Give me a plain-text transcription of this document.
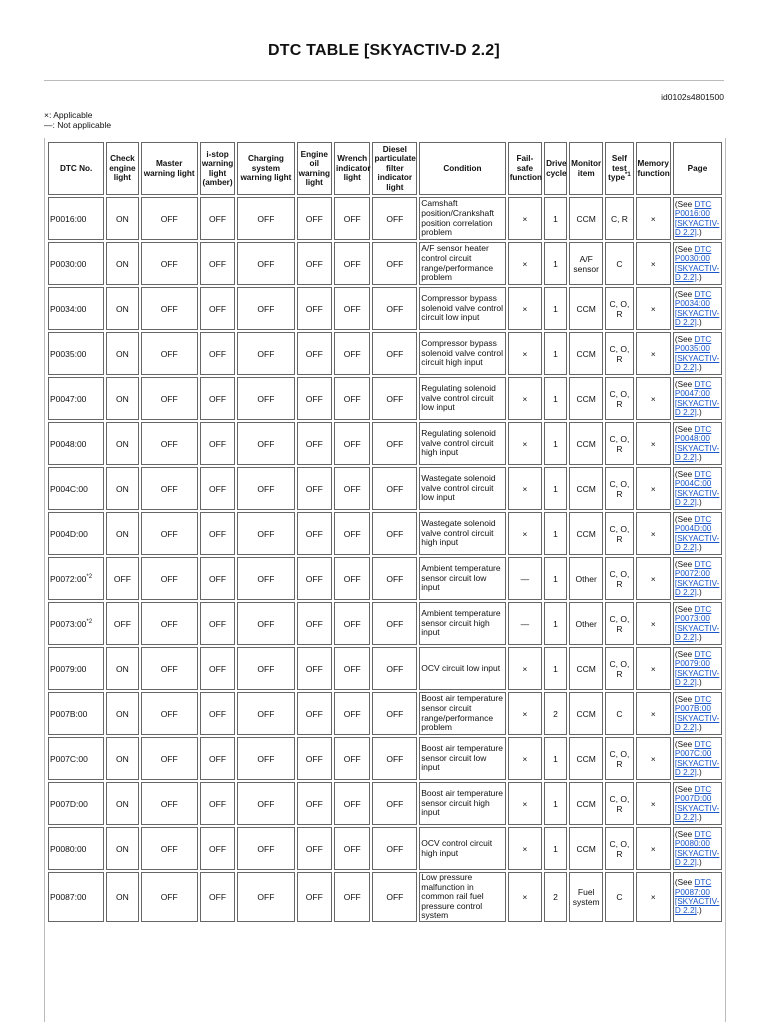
DTC TABLE [SKYACTIV-D 2.2]
id0102s4801500
×: Applicable
—: Not applicable
DTC No.	Check engine light	Master warning light	i-stop warning light (amber)	Charging system warning light	Engine oil warning light	Wrench indicator light	Diesel particulate filter indicator light	Condition	Fail-safe function	Drive cycle	Monitor item	Self test type$^{*1}$	Memory function	Page
P0016:00	ON	OFF	OFF	OFF	OFF	OFF	OFF	Camshaft position/Crankshaft position correlation problem	×	1	CCM	C, R	×	(See DTC P0016:00 [SKYACTIV-D 2.2].)
P0030:00	ON	OFF	OFF	OFF	OFF	OFF	OFF	A/F sensor heater control circuit range/performance problem	×	1	A/F sensor	C	×	(See DTC P0030:00 [SKYACTIV-D 2.2].)
P0034:00	ON	OFF	OFF	OFF	OFF	OFF	OFF	Compressor bypass solenoid valve control circuit low input	×	1	CCM	C, O, R	×	(See DTC P0034:00 [SKYACTIV-D 2.2].)
P0035:00	ON	OFF	OFF	OFF	OFF	OFF	OFF	Compressor bypass solenoid valve control circuit high input	×	1	CCM	C, O, R	×	(See DTC P0035:00 [SKYACTIV-D 2.2].)
P0047:00	ON	OFF	OFF	OFF	OFF	OFF	OFF	Regulating solenoid valve control circuit low input	×	1	CCM	C, O, R	×	(See DTC P0047:00 [SKYACTIV-D 2.2].)
P0048:00	ON	OFF	OFF	OFF	OFF	OFF	OFF	Regulating solenoid valve control circuit high input	×	1	CCM	C, O, R	×	(See DTC P0048:00 [SKYACTIV-D 2.2].)
P004C:00	ON	OFF	OFF	OFF	OFF	OFF	OFF	Wastegate solenoid valve control circuit low input	×	1	CCM	C, O, R	×	(See DTC P004C:00 [SKYACTIV-D 2.2].)
P004D:00	ON	OFF	OFF	OFF	OFF	OFF	OFF	Wastegate solenoid valve control circuit high input	×	1	CCM	C, O, R	×	(See DTC P004D:00 [SKYACTIV-D 2.2].)
P0072:00$^{*2}$	OFF	OFF	OFF	OFF	OFF	OFF	OFF	Ambient temperature sensor circuit low input	—	1	Other	C, O, R	×	(See DTC P0072:00 [SKYACTIV-D 2.2].)
P0073:00$^{*2}$	OFF	OFF	OFF	OFF	OFF	OFF	OFF	Ambient temperature sensor circuit high input	—	1	Other	C, O, R	×	(See DTC P0073:00 [SKYACTIV-D 2.2].)
P0079:00	ON	OFF	OFF	OFF	OFF	OFF	OFF	OCV circuit low input	×	1	CCM	C, O, R	×	(See DTC P0079:00 [SKYACTIV-D 2.2].)
P007B:00	ON	OFF	OFF	OFF	OFF	OFF	OFF	Boost air temperature sensor circuit range/performance problem	×	2	CCM	C	×	(See DTC P007B:00 [SKYACTIV-D 2.2].)
P007C:00	ON	OFF	OFF	OFF	OFF	OFF	OFF	Boost air temperature sensor circuit low input	×	1	CCM	C, O, R	×	(See DTC P007C:00 [SKYACTIV-D 2.2].)
P007D:00	ON	OFF	OFF	OFF	OFF	OFF	OFF	Boost air temperature sensor circuit high input	×	1	CCM	C, O, R	×	(See DTC P007D:00 [SKYACTIV-D 2.2].)
P0080:00	ON	OFF	OFF	OFF	OFF	OFF	OFF	OCV control circuit high input	×	1	CCM	C, O, R	×	(See DTC P0080:00 [SKYACTIV-D 2.2].)
P0087:00	ON	OFF	OFF	OFF	OFF	OFF	OFF	Low pressure malfunction in common rail fuel pressure control system	×	2	Fuel system	C	×	(See DTC P0087:00 [SKYACTIV-D 2.2].)
